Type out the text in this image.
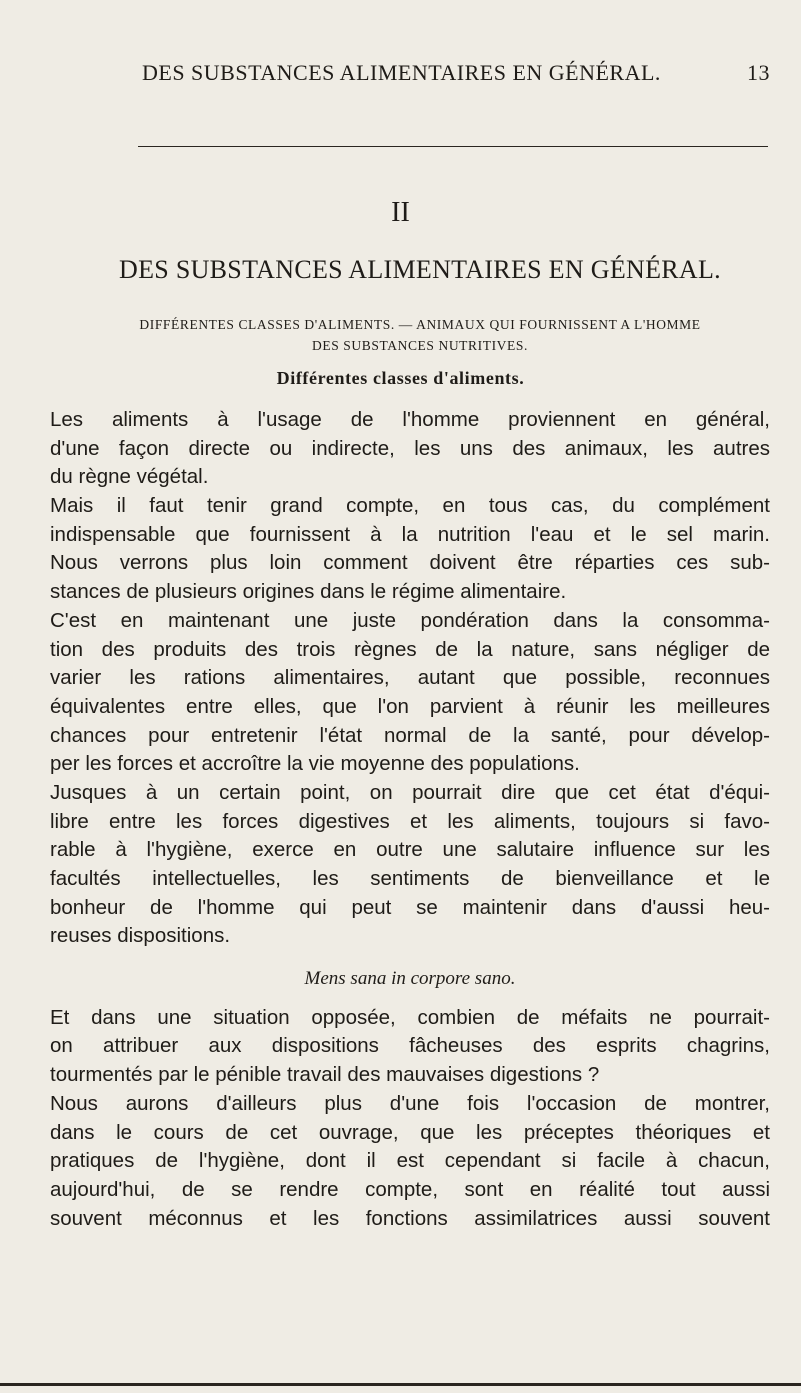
DES SUBSTANCES ALIMENTAIRES EN GÉNÉRAL.	13
II
DES SUBSTANCES ALIMENTAIRES EN GÉNÉRAL.
DIFFÉRENTES CLASSES D'ALIMENTS. — ANIMAUX QUI FOURNISSENT A L'HOMME
DES SUBSTANCES NUTRITIVES.
Différentes classes d'aliments.
Les aliments à l'usage de l'homme proviennent en général,
d'une façon directe ou indirecte, les uns des animaux, les autres
du règne végétal.
Mais il faut tenir grand compte, en tous cas, du complément
indispensable que fournissent à la nutrition l'eau et le sel marin.
Nous verrons plus loin comment doivent être réparties ces sub-
stances de plusieurs origines dans le régime alimentaire.
C'est en maintenant une juste pondération dans la consomma-
tion des produits des trois règnes de la nature, sans négliger de
varier les rations alimentaires, autant que possible, reconnues
équivalentes entre elles, que l'on parvient à réunir les meilleures
chances pour entretenir l'état normal de la santé, pour dévelop-
per les forces et accroître la vie moyenne des populations.
Jusques à un certain point, on pourrait dire que cet état d'équi-
libre entre les forces digestives et les aliments, toujours si favo-
rable à l'hygiène, exerce en outre une salutaire influence sur les
facultés intellectuelles, les sentiments de bienveillance et le
bonheur de l'homme qui peut se maintenir dans d'aussi heu-
reuses dispositions.
Mens sana in corpore sano.
Et dans une situation opposée, combien de méfaits ne pourrait-
on attribuer aux dispositions fâcheuses des esprits chagrins,
tourmentés par le pénible travail des mauvaises digestions ?
Nous aurons d'ailleurs plus d'une fois l'occasion de montrer,
dans le cours de cet ouvrage, que les préceptes théoriques et
pratiques de l'hygiène, dont il est cependant si facile à chacun,
aujourd'hui, de se rendre compte, sont en réalité tout aussi
souvent méconnus et les fonctions assimilatrices aussi souvent
